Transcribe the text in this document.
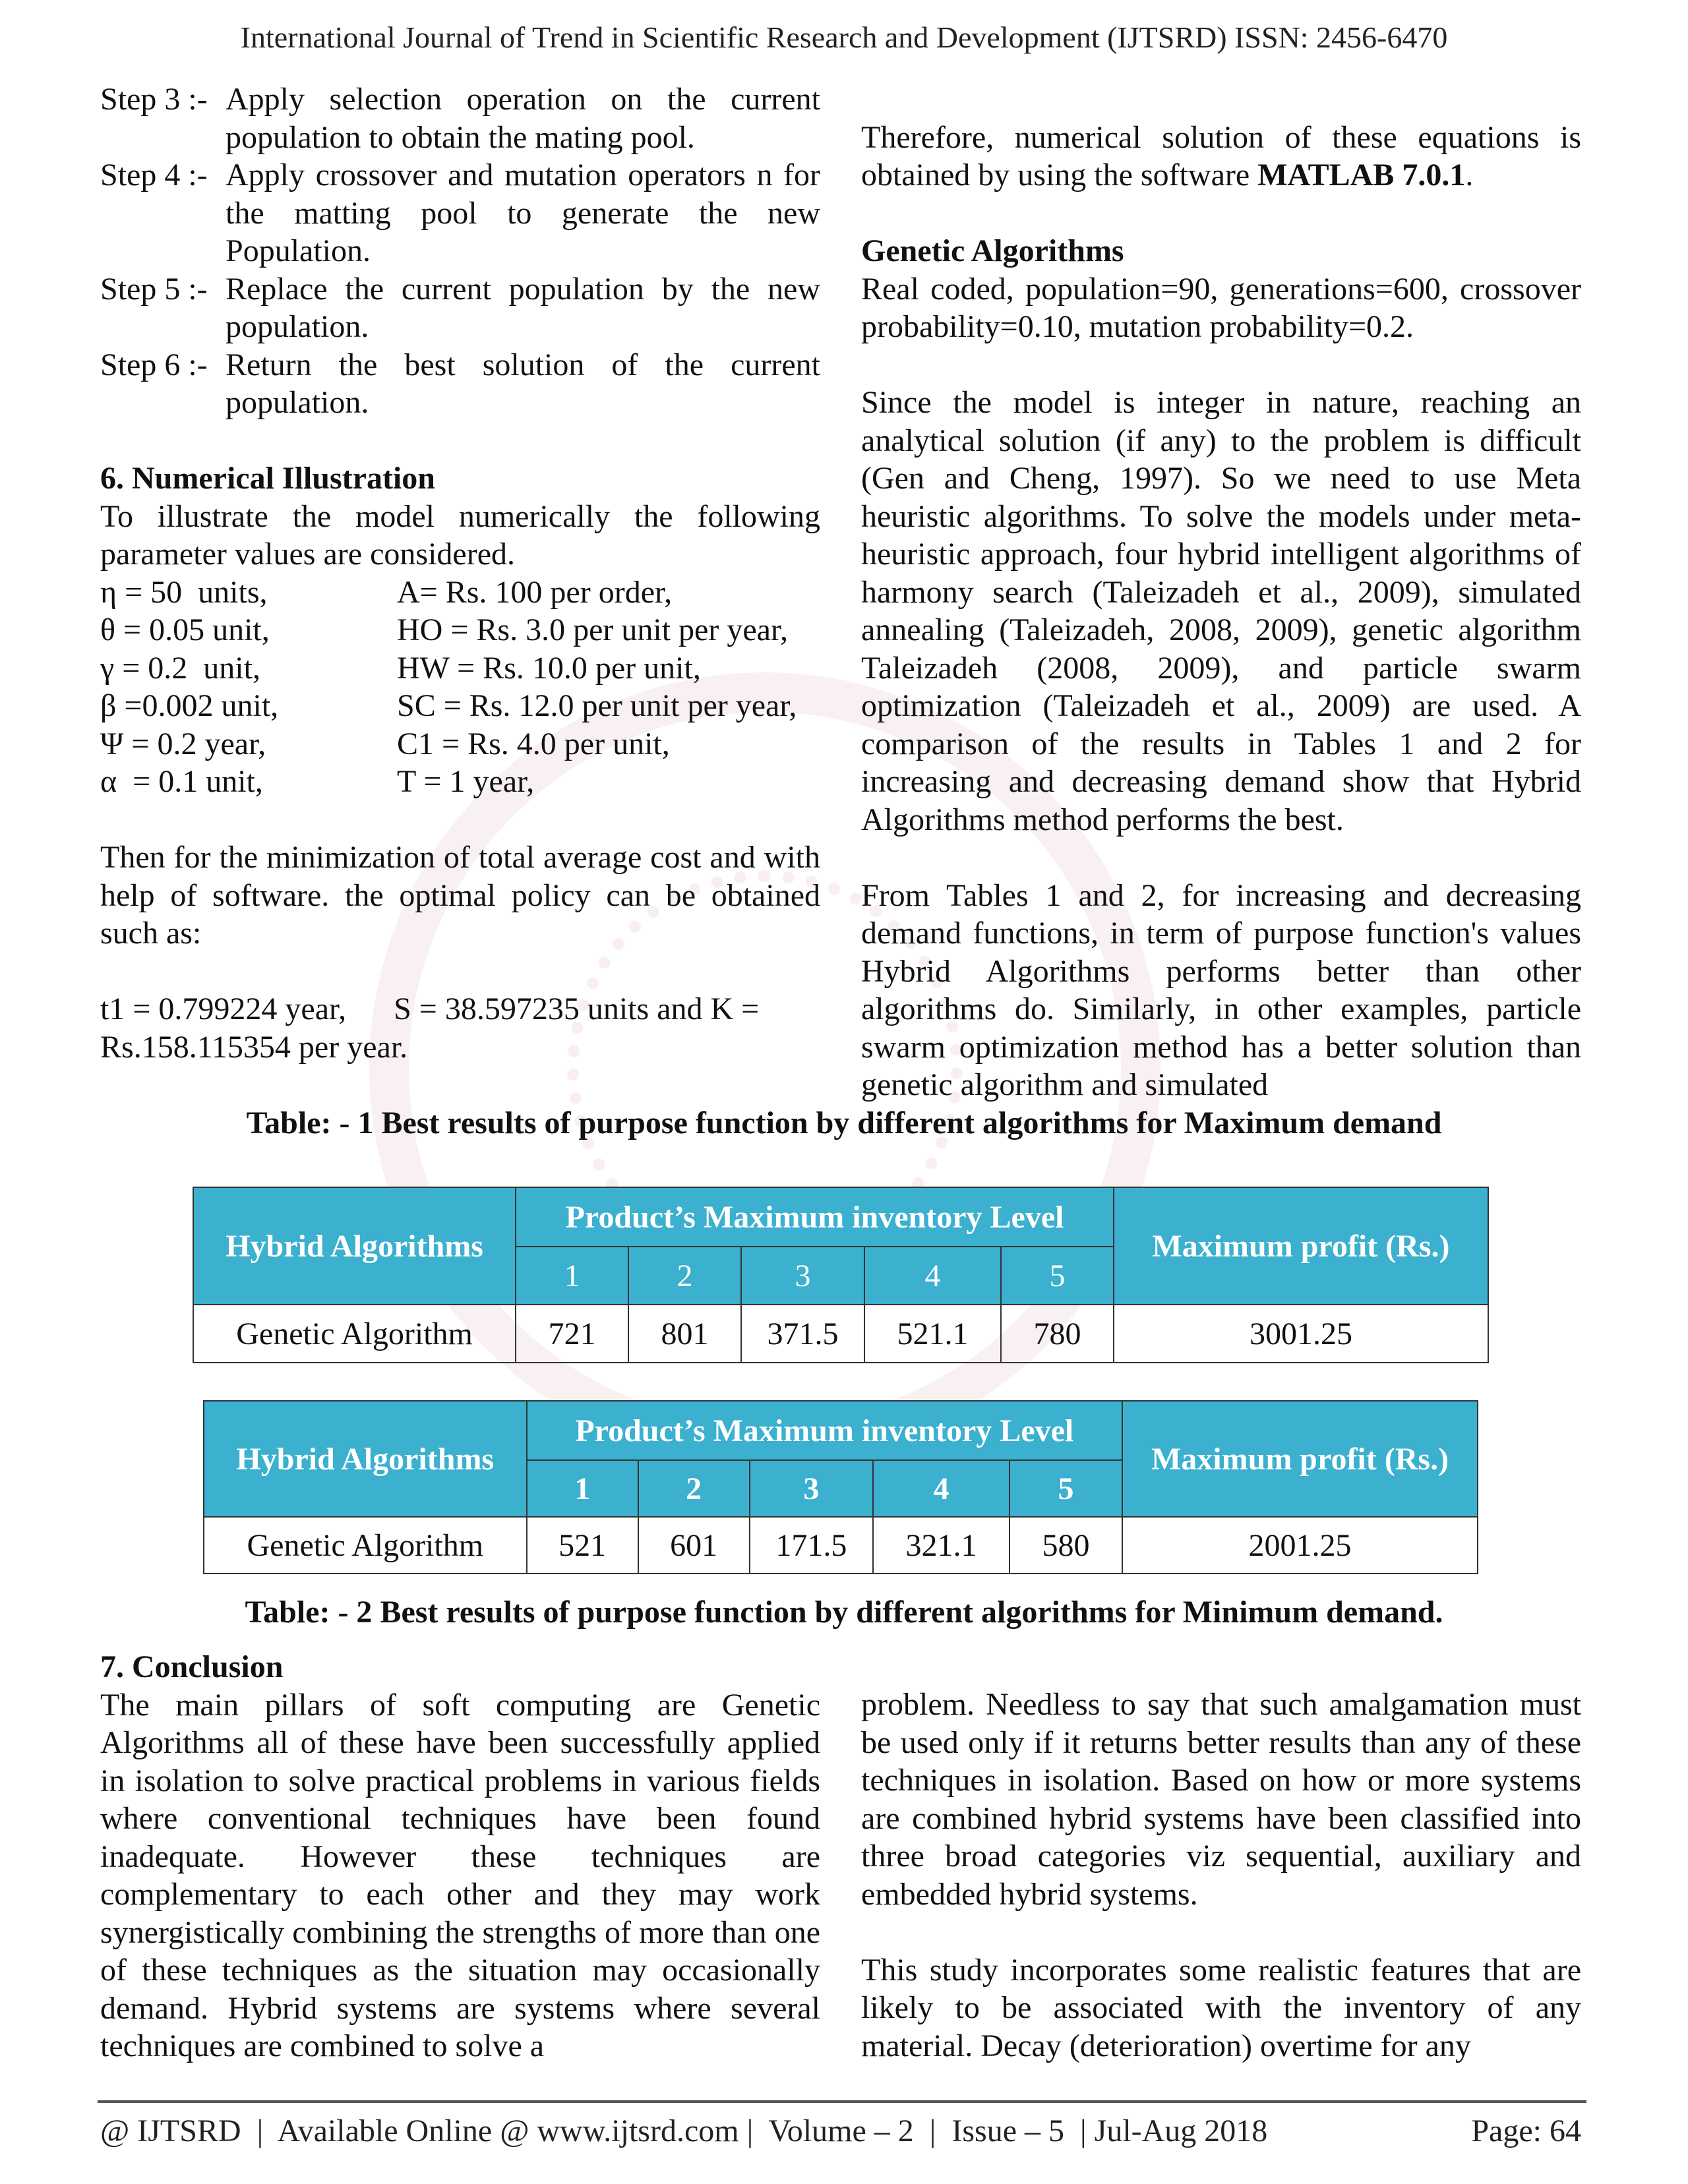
International Journal of Trend in Scientific Research and Development (IJTSRD) ISSN: 2456-6470
Step 3 :- Apply selection operation on the current population to obtain the mating pool.
Step 4 :- Apply crossover and mutation operators n for the matting pool to generate the new Population.
Step 5 :- Replace the current population by the new population.
Step 6 :- Return the best solution of the current population.

6. Numerical Illustration

To illustrate the model numerically the following parameter values are considered.

η = 50  units,	A= Rs. 100 per order,
θ = 0.05 unit,	HO = Rs. 3.0 per unit per year,
γ = 0.2  unit,	HW = Rs. 10.0 per unit,
β =0.002 unit,	SC = Rs. 12.0 per unit per year,
Ψ = 0.2 year,	C1 = Rs. 4.0 per unit,
α  = 0.1 unit,	T = 1 year,

Then for the minimization of total average cost and with help of software. the optimal policy can be obtained such as:

t1 = 0.799224 year,      S = 38.597235 units and K =

Rs.158.115354 per year.

Therefore, numerical solution of these equations is obtained by using the software MATLAB 7.0.1.

Genetic Algorithms

Real coded, population=90, generations=600, crossover probability=0.10, mutation probability=0.2.

Since the model is integer in nature, reaching an analytical solution (if any) to the problem is difficult (Gen and Cheng, 1997). So we need to use Meta heuristic algorithms. To solve the models under meta-heuristic approach, four hybrid intelligent algorithms of harmony search (Taleizadeh et al., 2009), simulated annealing (Taleizadeh, 2008, 2009), genetic algorithm Taleizadeh (2008, 2009), and particle swarm optimization (Taleizadeh et al., 2009) are used. A comparison of the results in Tables 1 and 2 for increasing and decreasing demand show that Hybrid Algorithms method performs the best.

From Tables 1 and 2, for increasing and decreasing demand functions, in term of purpose function's values Hybrid Algorithms performs better than other algorithms do. Similarly, in other examples, particle swarm optimization method has a better solution than genetic algorithm and simulated

Table: - 1 Best results of purpose function by different algorithms for Maximum demand
Hybrid Algorithms	Product’s Maximum inventory Level					Maximum profit (Rs.)
	1	2	3	4	5	
Genetic Algorithm	721	801	371.5	521.1	780	3001.25
Hybrid Algorithms	Product’s Maximum inventory Level					Maximum profit (Rs.)
	1	2	3	4	5	
Genetic Algorithm	521	601	171.5	321.1	580	2001.25
Table: - 2 Best results of purpose function by different algorithms for Minimum demand.

7. Conclusion

The main pillars of soft computing are Genetic Algorithms all of these have been successfully applied in isolation to solve practical problems in various fields where conventional techniques have been found inadequate. However these techniques are complementary to each other and they may work synergistically combining the strengths of more than one of these techniques as the situation may occasionally demand. Hybrid systems are systems where several techniques are combined to solve a

problem. Needless to say that such amalgamation must be used only if it returns better results than any of these techniques in isolation. Based on how or more systems are combined hybrid systems have been classified into three broad categories viz sequential, auxiliary and embedded hybrid systems.

This study incorporates some realistic features that are likely to be associated with the inventory of any material. Decay (deterioration) overtime for any

@ IJTSRD  |  Available Online @ www.ijtsrd.com |  Volume – 2  |  Issue – 5  | Jul-Aug 2018	Page: 64
